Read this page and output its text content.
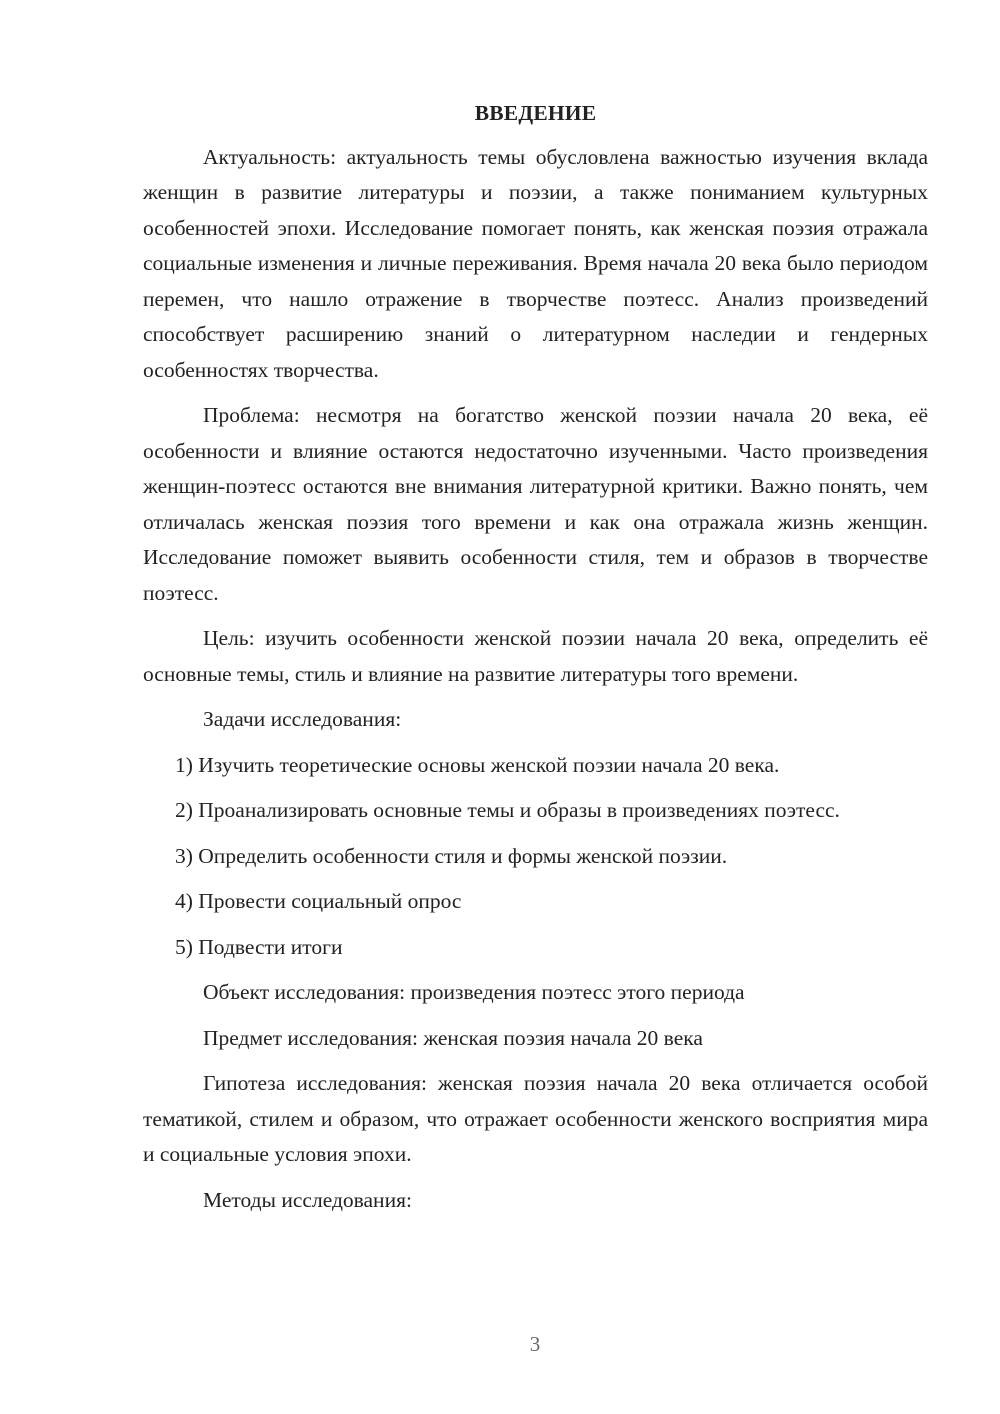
ВВЕДЕНИЕ

Актуальность: актуальность темы обусловлена важностью изучения вклада женщин в развитие литературы и поэзии, а также пониманием культурных особенностей эпохи. Исследование помогает понять, как женская поэзия отражала социальные изменения и личные переживания. Время начала 20 века было периодом перемен, что нашло отражение в творчестве поэтесс. Анализ произведений способствует расширению знаний о литературном наследии и гендерных особенностях творчества.

Проблема: несмотря на богатство женской поэзии начала 20 века, её особенности и влияние остаются недостаточно изученными. Часто произведения женщин-поэтесс остаются вне внимания литературной критики. Важно понять, чем отличалась женская поэзия того времени и как она отражала жизнь женщин. Исследование поможет выявить особенности стиля, тем и образов в творчестве поэтесс.

Цель: изучить особенности женской поэзии начала 20 века, определить её основные темы, стиль и влияние на развитие литературы того времени.

Задачи исследования:

1) Изучить теоретические основы женской поэзии начала 20 века.

2) Проанализировать основные темы и образы в произведениях поэтесс.

3) Определить особенности стиля и формы женской поэзии.

4) Провести социальный опрос

5) Подвести итоги

Объект исследования: произведения поэтесс этого периода

Предмет исследования: женская поэзия начала 20 века

Гипотеза исследования: женская поэзия начала 20 века отличается особой тематикой, стилем и образом, что отражает особенности женского восприятия мира и социальные условия эпохи.

Методы исследования:

3
